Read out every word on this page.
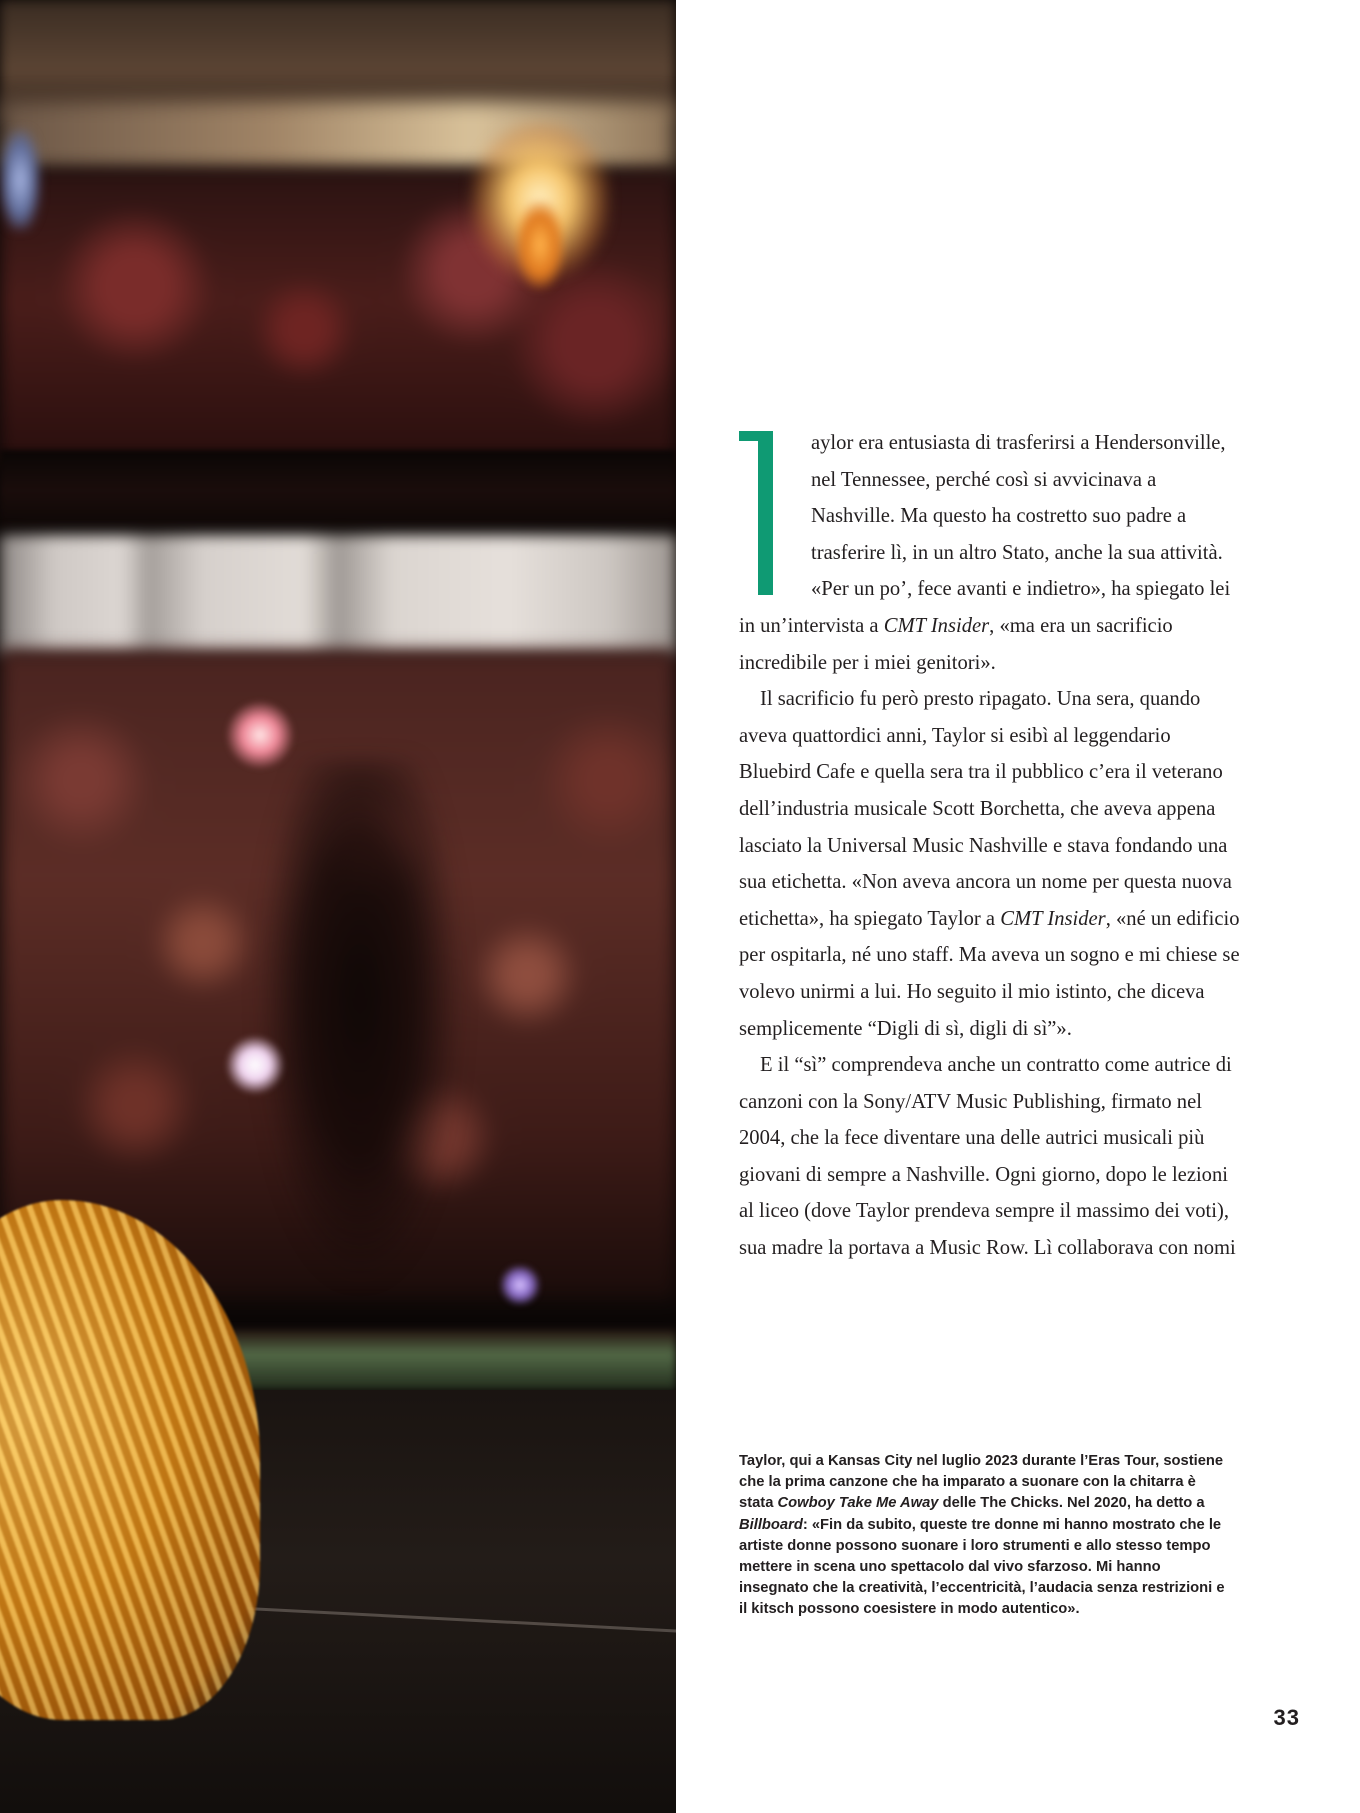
aylor era entusiasta di trasferirsi a Hendersonville, nel Tennessee, perché così si avvicinava a Nashville. Ma questo ha costretto suo padre a trasferire lì, in un altro Stato, anche la sua attività. «Per un po’, fece avanti e indietro», ha spiegato lei in un’intervista a CMT Insider, «ma era un sacrificio incredibile per i miei genitori».

Il sacrificio fu però presto ripagato. Una sera, quando aveva quattordici anni, Taylor si esibì al leggendario Bluebird Cafe e quella sera tra il pubblico c’era il veterano dell’industria musicale Scott Borchetta, che aveva appena lasciato la Universal Music Nashville e stava fondando una sua etichetta. «Non aveva ancora un nome per questa nuova etichetta», ha spiegato Taylor a CMT Insider, «né un edificio per ospitarla, né uno staff. Ma aveva un sogno e mi chiese se volevo unirmi a lui. Ho seguito il mio istinto, che diceva semplicemente “Digli di sì, digli di sì”».

E il “sì” comprendeva anche un contratto come autrice di canzoni con la Sony/ATV Music Publishing, firmato nel 2004, che la fece diventare una delle autrici musicali più giovani di sempre a Nashville. Ogni giorno, dopo le lezioni al liceo (dove Taylor prendeva sempre il massimo dei voti), sua madre la portava a Music Row. Lì collaborava con nomi

Taylor, qui a Kansas City nel luglio 2023 durante l’Eras Tour, sostiene che la prima canzone che ha imparato a suonare con la chitarra è stata Cowboy Take Me Away delle The Chicks. Nel 2020, ha detto a Billboard: «Fin da subito, queste tre donne mi hanno mostrato che le artiste donne possono suonare i loro strumenti e allo stesso tempo mettere in scena uno spettacolo dal vivo sfarzoso. Mi hanno insegnato che la creatività, l’eccentricità, l’audacia senza restrizioni e il kitsch possono coesistere in modo autentico».
33
